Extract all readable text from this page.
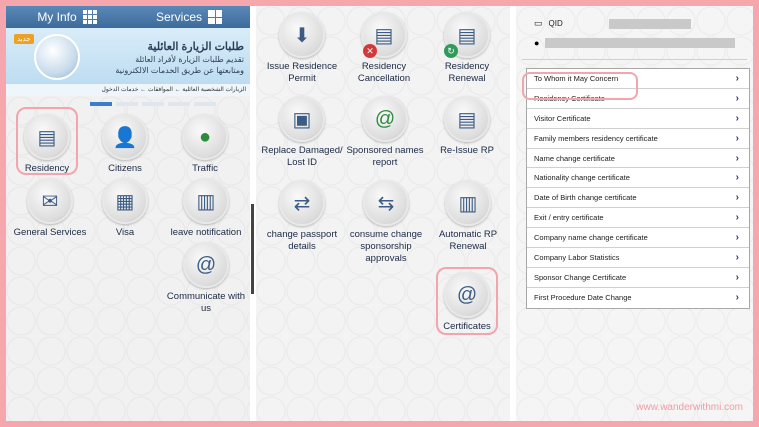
My Info	Services
جديد
طلبات الزيارة العائلية
تقديم طلبات الزيارة لأفراد العائلة
ومتابعتها عن طريق الخدمات الالكترونية
الزيارات الشخصية العائلية ← الموافقات ← خدمات الدخول
▤
Residency
👤
Citizens
●
Traffic
✉
General Services
▦
Visa
▥
leave notification
@
Communicate with us
⬇
Issue Residence Permit
▤
✕
Residency Cancellation
▤
↻
Residency Renewal
▣
Replace Damaged/ Lost ID
@
Sponsored names report
▤
Re-Issue RP
⇄
change passport details
⇆
consume change sponsorship approvals
▥
Automatic RP Renewal
@
Certificates
▭ QID
●
To Whom it May Concern	›
Residency Certificate	›
Visitor Certificate	›
Family members residency certificate	›
Name change certificate	›
Nationality change certificate	›
Date of Birth change certificate	›
Exit / entry certificate	›
Company name change certificate	›
Company Labor Statistics	›
Sponsor Change Certificate	›
First Procedure Date Change	›
www.wanderwithmi.com
